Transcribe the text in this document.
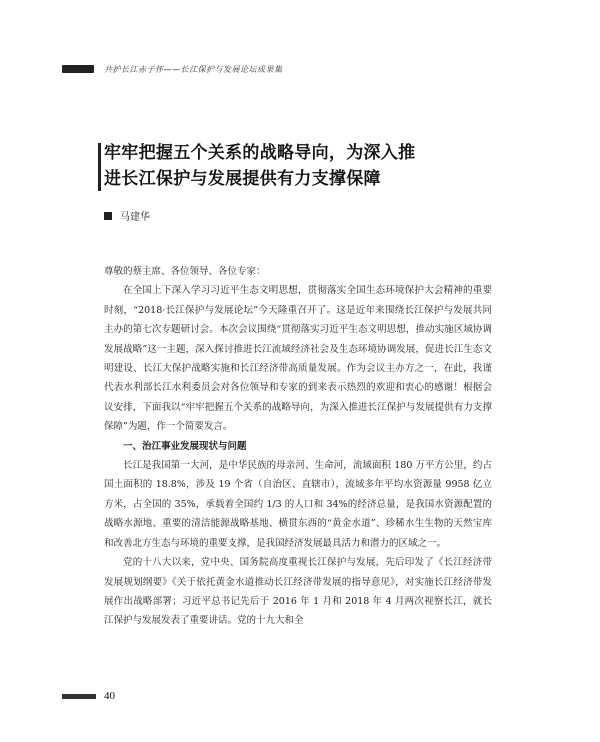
共护长江赤子怀——长江保护与发展论坛成果集
牢牢把握五个关系的战略导向，为深入推
进长江保护与发展提供有力支撑保障
马建华

尊敬的蔡主席、各位领导、各位专家：

在全国上下深入学习习近平生态文明思想，贯彻落实全国生态环境保护大会精神的重要时刻，“2018·长江保护与发展论坛”今天隆重召开了。这是近年来围绕长江保护与发展共同主办的第七次专题研讨会。本次会议围绕“贯彻落实习近平生态文明思想，推动实施区域协调发展战略”这一主题，深入探讨推进长江流域经济社会及生态环境协调发展，促进长江生态文明建设、长江大保护战略实施和长江经济带高质量发展。作为会议主办方之一，在此，我谨代表水利部长江水利委员会对各位领导和专家的到来表示热烈的欢迎和衷心的感谢！根据会议安排，下面我以“牢牢把握五个关系的战略导向，为深入推进长江保护与发展提供有力支撑保障”为题，作一个简要发言。

一、治江事业发展现状与问题

长江是我国第一大河，是中华民族的母亲河、生命河，流域面积 180 万平方公里，约占国土面积的 18.8%，涉及 19 个省（自治区、直辖市），流域多年平均水资源量 9958 亿立方米，占全国的 35%，承载着全国约 1/3 的人口和 34%的经济总量，是我国水资源配置的战略水源地、重要的清洁能源战略基地、横贯东西的“黄金水道”、珍稀水生生物的天然宝库和改善北方生态与环境的重要支撑，是我国经济发展最具活力和潜力的区域之一。

党的十八大以来，党中央、国务院高度重视长江保护与发展，先后印发了《长江经济带发展规划纲要》《关于依托黄金水道推动长江经济带发展的指导意见》，对实施长江经济带发展作出战略部署；习近平总书记先后于 2016 年 1 月和 2018 年 4 月两次视察长江，就长江保护与发展发表了重要讲话。党的十九大和全

40
